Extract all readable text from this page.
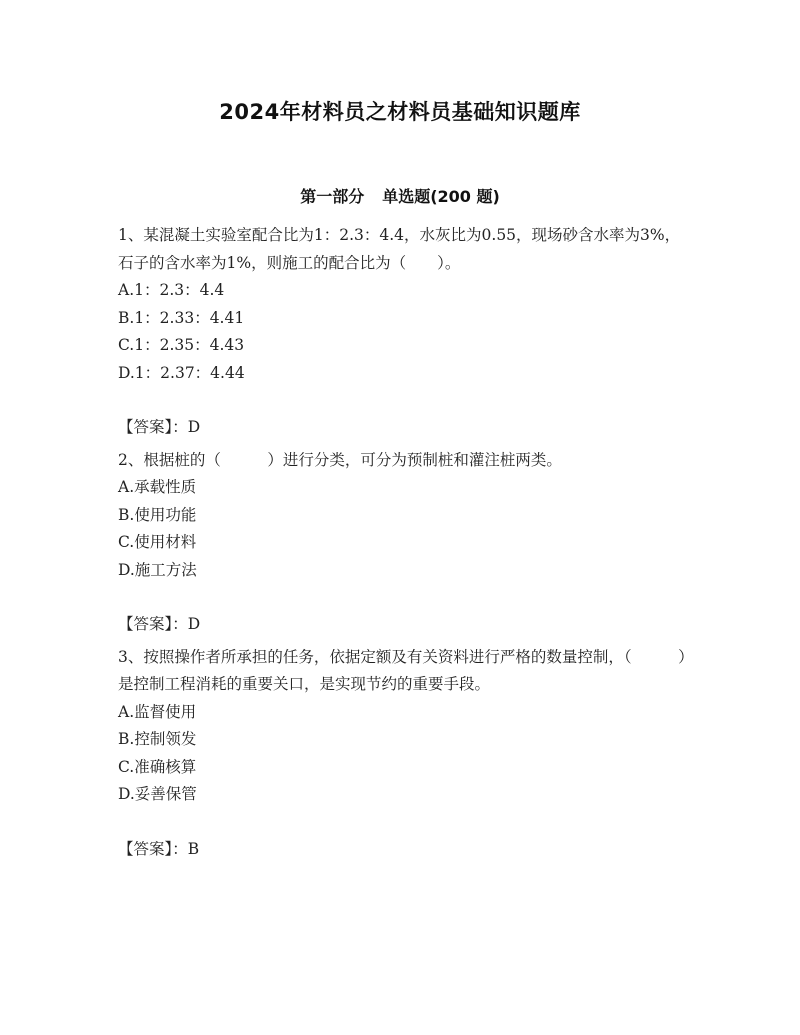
2024年材料员之材料员基础知识题库
第一部分 单选题(200 题)

1、某混凝土实验室配合比为1：2.3：4.4，水灰比为0.55，现场砂含水率为3%，石子的含水率为1%，则施工的配合比为（　　）。

A.1：2.3：4.4

B.1：2.33：4.41

C.1：2.35：4.43

D.1：2.37：4.44

【答案】：D

2、根据桩的（　　　）进行分类，可分为预制桩和灌注桩两类。

A.承载性质

B.使用功能

C.使用材料

D.施工方法

【答案】：D

3、按照操作者所承担的任务，依据定额及有关资料进行严格的数量控制，（　　　）是控制工程消耗的重要关口，是实现节约的重要手段。

A.监督使用

B.控制领发

C.准确核算

D.妥善保管

【答案】：B
